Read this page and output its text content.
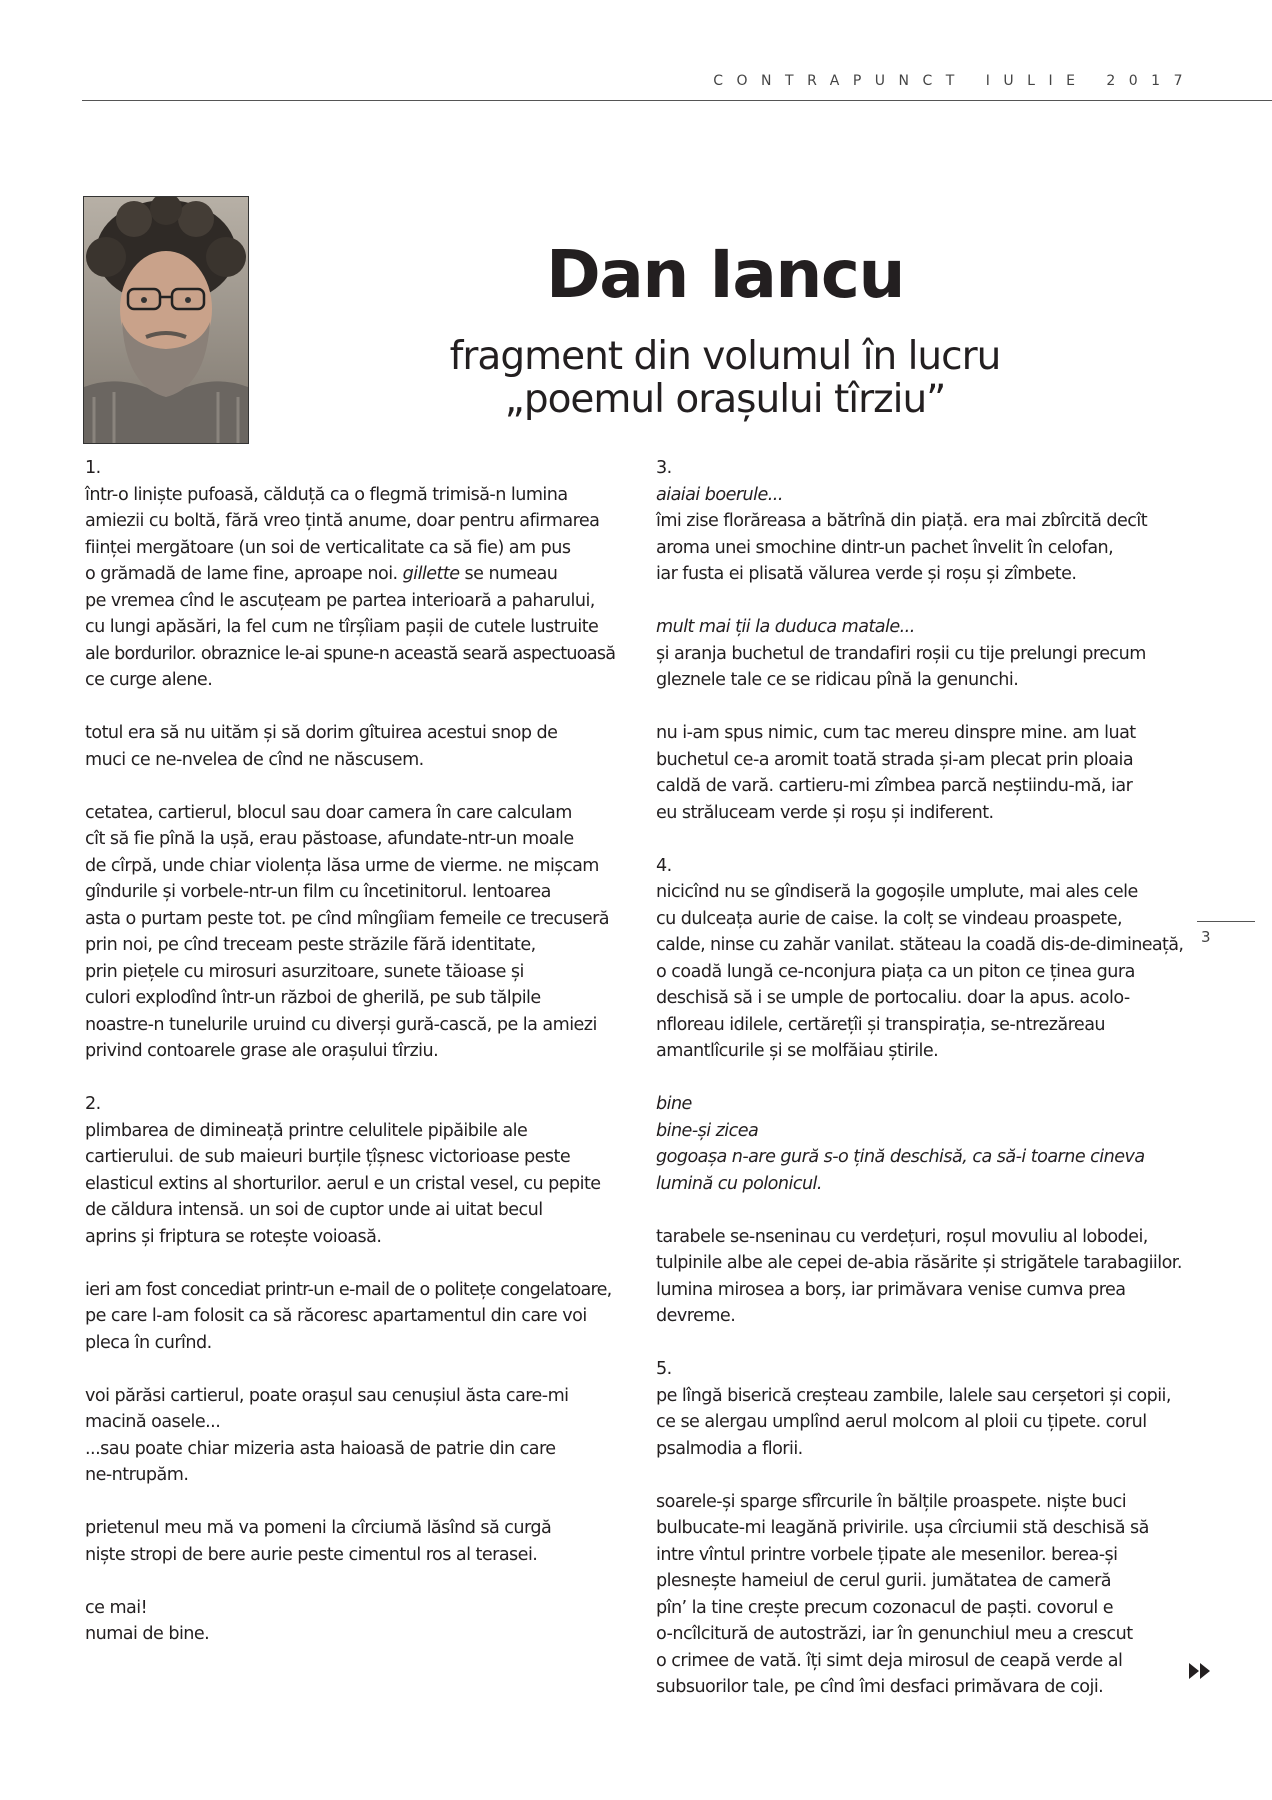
CONTRAPUNCT IULIE 2017
Dan Iancu
fragment din volumul în lucru
„poemul orașului tîrziu”

1.
într-o liniște pufoasă, călduță ca o flegmă trimisă-n lumina
amiezii cu boltă, fără vreo țintă anume, doar pentru afirmarea
ființei mergătoare (un soi de verticalitate ca să fie) am pus
o grămadă de lame fine, aproape noi. gillette se numeau
pe vremea cînd le ascuțeam pe partea interioară a paharului,
cu lungi apăsări, la fel cum ne tîrșîiam pașii de cutele lustruite
ale bordurilor. obraznice le-ai spune-n această seară aspectuoasă
ce curge alene.

totul era să nu uităm și să dorim gîtuirea acestui snop de
muci ce ne-nvelea de cînd ne născusem.

cetatea, cartierul, blocul sau doar camera în care calculam
cît să fie pînă la ușă, erau păstoase, afundate-ntr-un moale
de cîrpă, unde chiar violența lăsa urme de vierme. ne mișcam
gîndurile și vorbele-ntr-un film cu încetinitorul. lentoarea
asta o purtam peste tot. pe cînd mîngîiam femeile ce trecuseră
prin noi, pe cînd treceam peste străzile fără identitate,
prin piețele cu mirosuri asurzitoare, sunete tăioase și
culori explodînd într-un război de gherilă, pe sub tălpile
noastre-n tunelurile uruind cu diverși gură-cască, pe la amiezi
privind contoarele grase ale orașului tîrziu.

2.
plimbarea de dimineață printre celulitele pipăibile ale
cartierului. de sub maieuri burțile țîșnesc victorioase peste
elasticul extins al shorturilor. aerul e un cristal vesel, cu pepite
de căldura intensă. un soi de cuptor unde ai uitat becul
aprins și friptura se rotește voioasă.

ieri am fost concediat printr-un e-mail de o politețe congelatoare,
pe care l-am folosit ca să răcoresc apartamentul din care voi
pleca în curînd.

voi părăsi cartierul, poate orașul sau cenușiul ăsta care-mi
macină oasele...
...sau poate chiar mizeria asta haioasă de patrie din care
ne-ntrupăm.

prietenul meu mă va pomeni la cîrciumă lăsînd să curgă
niște stropi de bere aurie peste cimentul ros al terasei.

ce mai!
numai de bine.

3.
aiaiai boerule...
îmi zise florăreasa a bătrînă din piață. era mai zbîrcită decît
aroma unei smochine dintr-un pachet învelit în celofan,
iar fusta ei plisată vălurea verde și roșu și zîmbete.

mult mai ții la duduca matale...
și aranja buchetul de trandafiri roșii cu tije prelungi precum
gleznele tale ce se ridicau pînă la genunchi.

nu i-am spus nimic, cum tac mereu dinspre mine. am luat
buchetul ce-a aromit toată strada și-am plecat prin ploaia
caldă de vară. cartieru-mi zîmbea parcă neștiindu-mă, iar
eu străluceam verde și roșu și indiferent.

4.
nicicînd nu se gîndiseră la gogoșile umplute, mai ales cele
cu dulceața aurie de caise. la colț se vindeau proaspete,
calde, ninse cu zahăr vanilat. stăteau la coadă dis-de-dimineață,
o coadă lungă ce-nconjura piața ca un piton ce ținea gura
deschisă să i se umple de portocaliu. doar la apus. acolo-
nfloreau idilele, certărețîi și transpirația, se-ntrezăreau
amantlîcurile și se molfăiau știrile.

bine
bine-și zicea
gogoașa n-are gură s-o țină deschisă, ca să-i toarne cineva
lumină cu polonicul.

tarabele se-nseninau cu verdețuri, roșul movuliu al lobodei,
tulpinile albe ale cepei de-abia răsărite și strigătele tarabagiilor.
lumina mirosea a borș, iar primăvara venise cumva prea
devreme.

5.
pe lîngă biserică creșteau zambile, lalele sau cerșetori și copii,
ce se alergau umplînd aerul molcom al ploii cu țipete. corul
psalmodia a florii.

soarele-și sparge sfîrcurile în bălțile proaspete. niște buci
bulbucate-mi leagănă privirile. ușa cîrciumii stă deschisă să
intre vîntul printre vorbele țipate ale mesenilor. berea-și
plesnește hameiul de cerul gurii. jumătatea de cameră
pîn’ la tine crește precum cozonacul de paști. covorul e
o-ncîlcitură de autostrăzi, iar în genunchiul meu a crescut
o crimee de vată. îți simt deja mirosul de ceapă verde al
subsuorilor tale, pe cînd îmi desfaci primăvara de coji.

3
